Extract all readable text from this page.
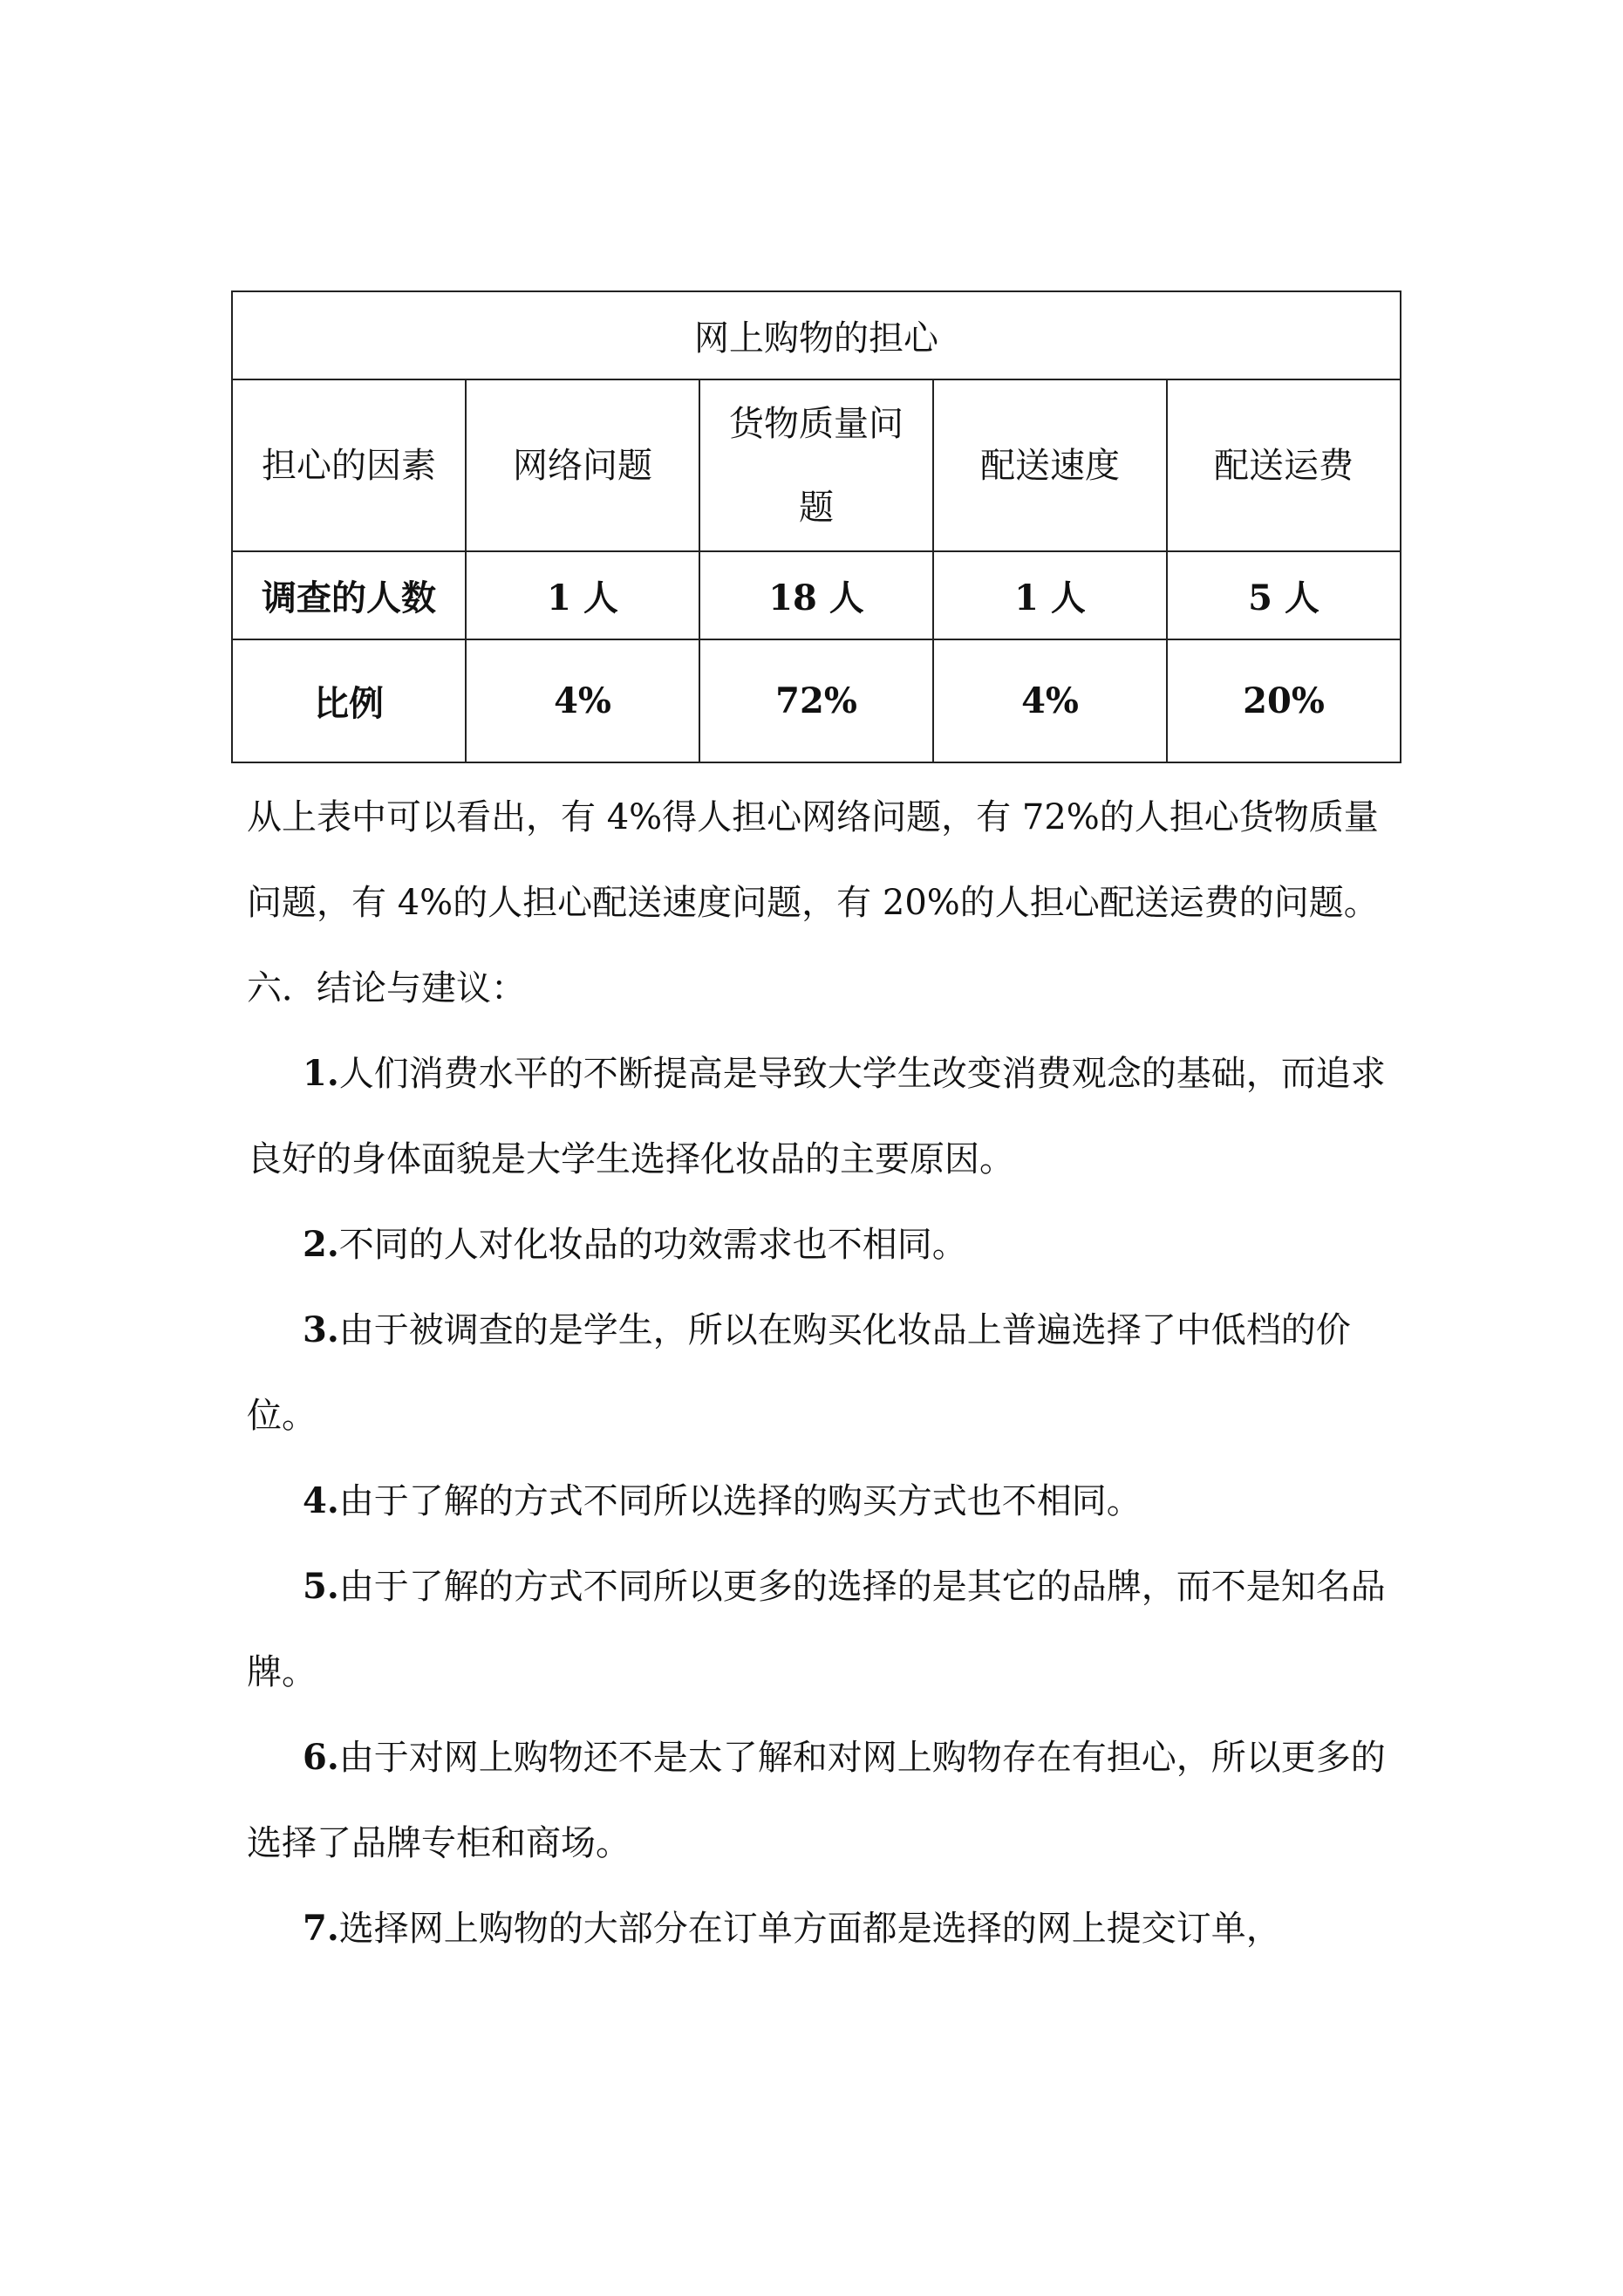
网上购物的担心				
担心的因素	网络问题	货物质量问题	配送速度	配送运费
调查的人数	1 人	18 人	1 人	5 人
比例	4%	72%	4%	20%

从上表中可以看出，有 4%得人担心网络问题，有 72%的人担心货物质量问题，有 4%的人担心配送速度问题，有 20%的人担心配送运费的问题。

六．结论与建议：

1.人们消费水平的不断提高是导致大学生改变消费观念的基础，而追求良好的身体面貌是大学生选择化妆品的主要原因。

2.不同的人对化妆品的功效需求也不相同。

3.由于被调查的是学生，所以在购买化妆品上普遍选择了中低档的价位。

4.由于了解的方式不同所以选择的购买方式也不相同。

5.由于了解的方式不同所以更多的选择的是其它的品牌，而不是知名品牌。

6.由于对网上购物还不是太了解和对网上购物存在有担心，所以更多的选择了品牌专柜和商场。

7.选择网上购物的大部分在订单方面都是选择的网上提交订单，
